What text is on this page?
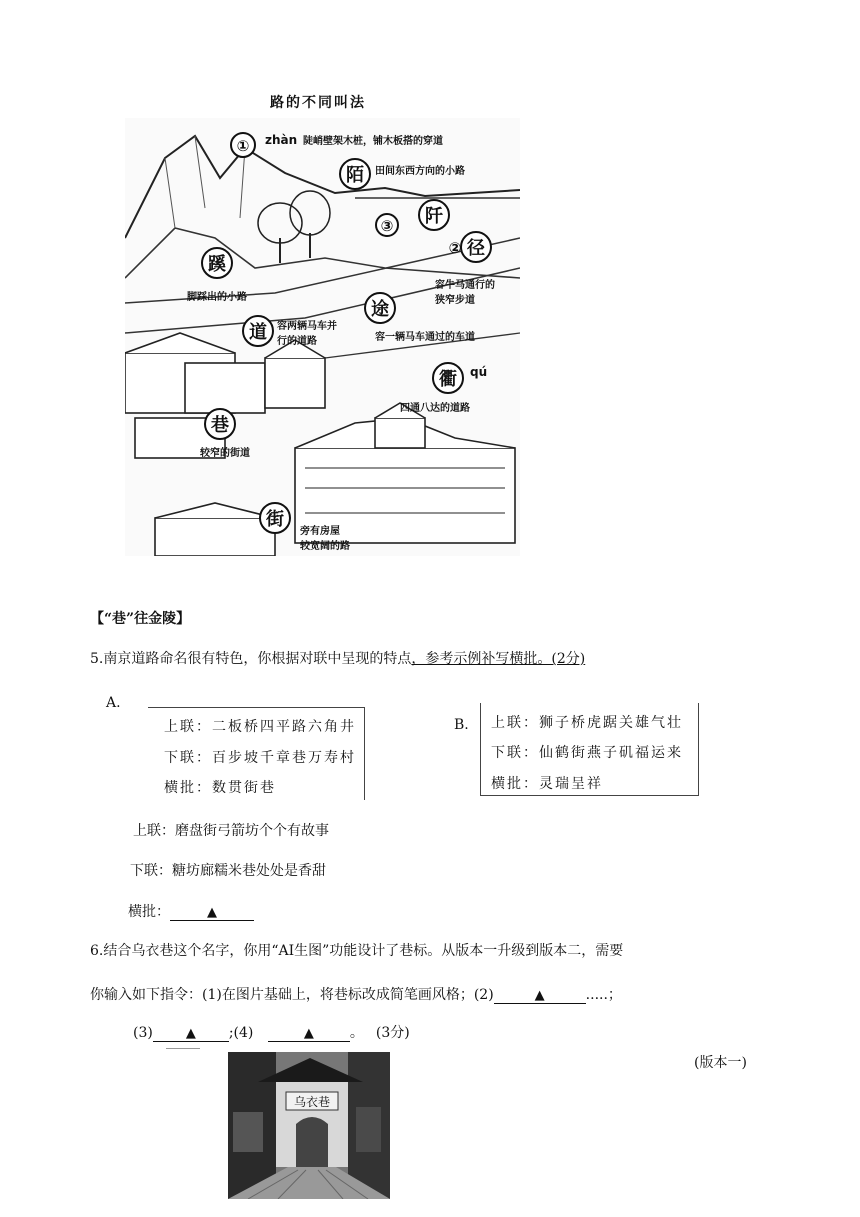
路的不同叫法
①
③
②
陌
阡
径
蹊
途
道
衢
巷
街
zhàn 陡峭壁架木桩，铺木板搭的穿道
田间东西方向的小路
脚踩出的小路
容牛马通行的
狭窄步道
容两辆马车并
行的道路	容一辆马车通过的车道
qú
四通八达的道路
较窄的街道
旁有房屋
较宽阔的路
【“巷”往金陵】
5.南京道路命名很有特色，你根据对联中呈现的特点，参考示例补写横批。(2分)
A.
上联：二板桥四平路六角井
下联：百步坡千章巷万寿村
横批：数贯街巷
B. 上联：狮子桥虎踞关雄气壮
下联：仙鹤街燕子矶福运来
横批：灵瑞呈祥
上联：磨盘街弓箭坊个个有故事
下联：糖坊廊糯米巷处处是香甜
横批：	▲
6.结合乌衣巷这个名字，你用“AI生图”功能设计了巷标。从版本一升级到版本二，需要
你输入如下指令：(1)在图片基础上，将巷标改成简笔画风格；(2)	▲	.....；
(3)	▲ ;(4)	▲	。 (3分)
(版本一)
乌衣巷
